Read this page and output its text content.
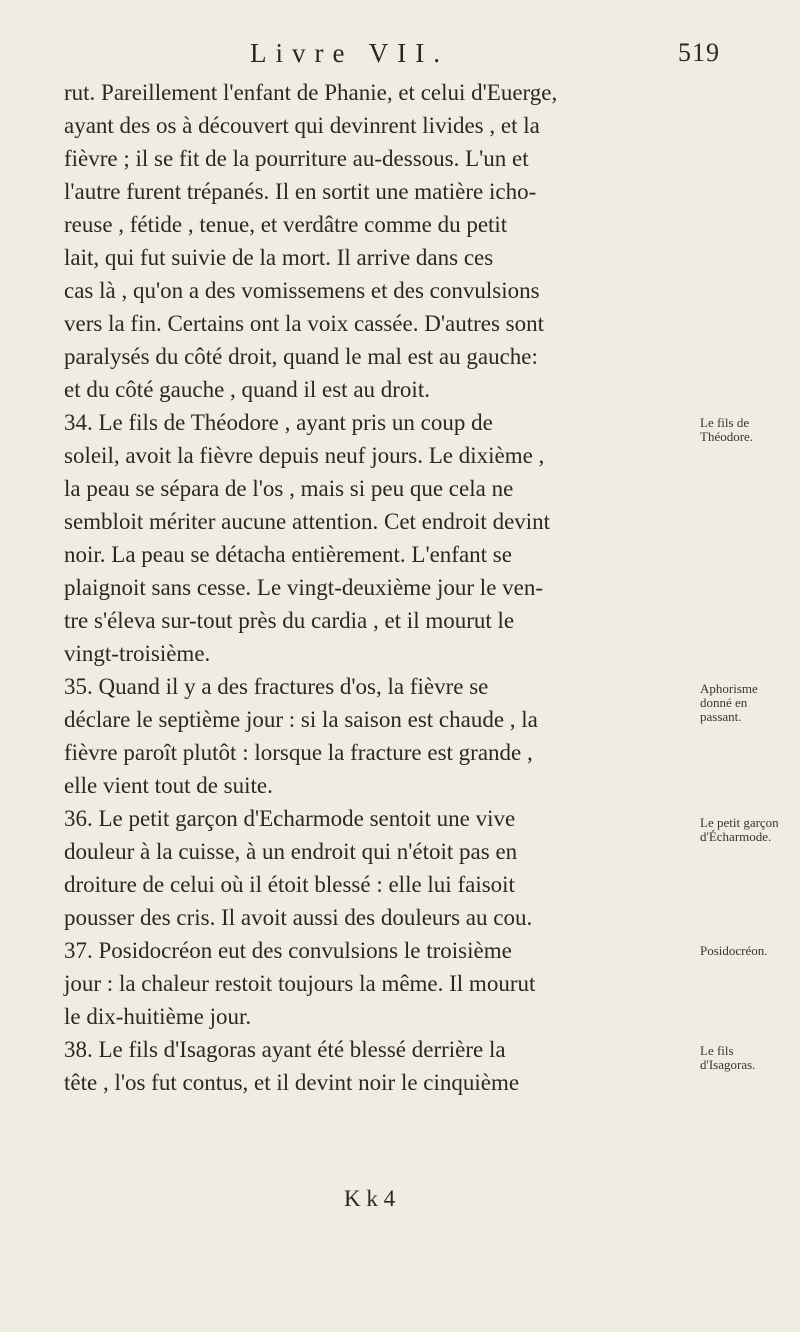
Livre VII.	519
rut. Pareillement l'enfant de Phanie, et celui d'Euerge,
ayant des os à découvert qui devinrent livides , et la
fièvre ; il se fit de la pourriture au-dessous. L'un et
l'autre furent trépanés. Il en sortit une matière icho-
reuse , fétide , tenue, et verdâtre comme du petit
lait, qui fut suivie de la mort. Il arrive dans ces
cas là , qu'on a des vomissemens et des convulsions
vers la fin. Certains ont la voix cassée. D'autres sont
paralysés du côté droit, quand le mal est au gauche:
et du côté gauche , quand il est au droit.
34. Le fils de Théodore , ayant pris un coup de
soleil, avoit la fièvre depuis neuf jours. Le dixième ,
la peau se sépara de l'os , mais si peu que cela ne
sembloit mériter aucune attention. Cet endroit devint
noir. La peau se détacha entièrement. L'enfant se
plaignoit sans cesse. Le vingt-deuxième jour le ven-
tre s'éleva sur-tout près du cardia , et il mourut le
vingt-troisième.
35. Quand il y a des fractures d'os, la fièvre se
déclare le septième jour : si la saison est chaude , la
fièvre paroît plutôt : lorsque la fracture est grande ,
elle vient tout de suite.
36. Le petit garçon d'Echarmode sentoit une vive
douleur à la cuisse, à un endroit qui n'étoit pas en
droiture de celui où il étoit blessé : elle lui faisoit
pousser des cris. Il avoit aussi des douleurs au cou.
37. Posidocréon eut des convulsions le troisième
jour : la chaleur restoit toujours la même. Il mourut
le dix-huitième jour.
38. Le fils d'Isagoras ayant été blessé derrière la
tête , l'os fut contus, et il devint noir le cinquième
Le fils de Théodore.
Aphorisme donné en passant.
Le petit garçon d'Écharmode.
Posidocréon.
Le fils d'Isagoras.
K k 4
